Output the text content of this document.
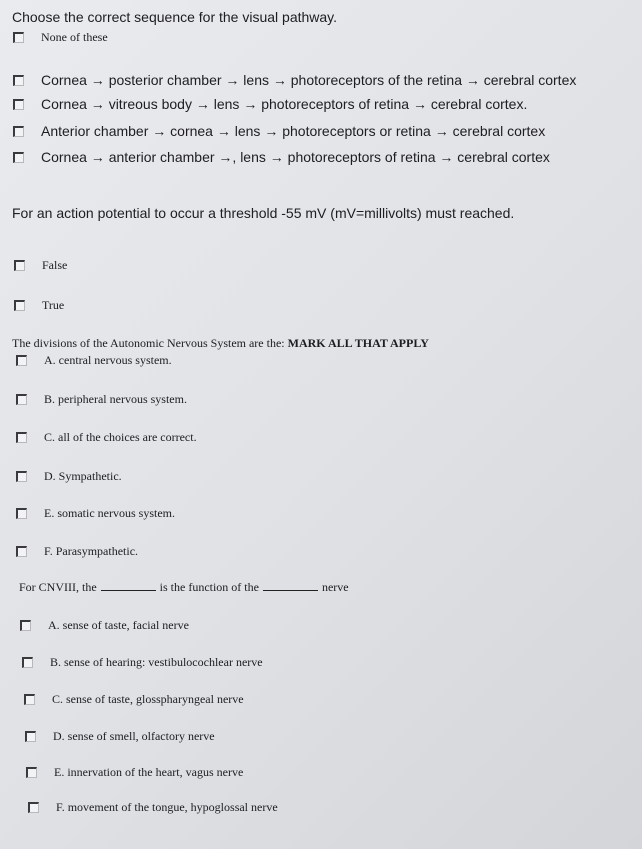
Choose the correct sequence for the visual pathway.
None of these
Cornea → posterior chamber → lens → photoreceptors of the retina → cerebral cortex
Cornea → vitreous body → lens → photoreceptors of retina → cerebral cortex.
Anterior chamber → cornea → lens → photoreceptors or retina → cerebral cortex
Cornea → anterior chamber →, lens → photoreceptors of retina → cerebral cortex
For an action potential to occur a threshold -55 mV (mV=millivolts) must reached.
False
True
The divisions of the Autonomic Nervous System are the: MARK ALL THAT APPLY
A. central nervous system.
B. peripheral nervous system.
C. all of the choices are correct.
D. Sympathetic.
E. somatic nervous system.
F. Parasympathetic.
For CNVIII, the	is the function of the	nerve
A. sense of taste, facial nerve
B. sense of hearing: vestibulocochlear nerve
C. sense of taste, glosspharyngeal nerve
D. sense of smell, olfactory nerve
E. innervation of the heart, vagus nerve
F. movement of the tongue, hypoglossal nerve
